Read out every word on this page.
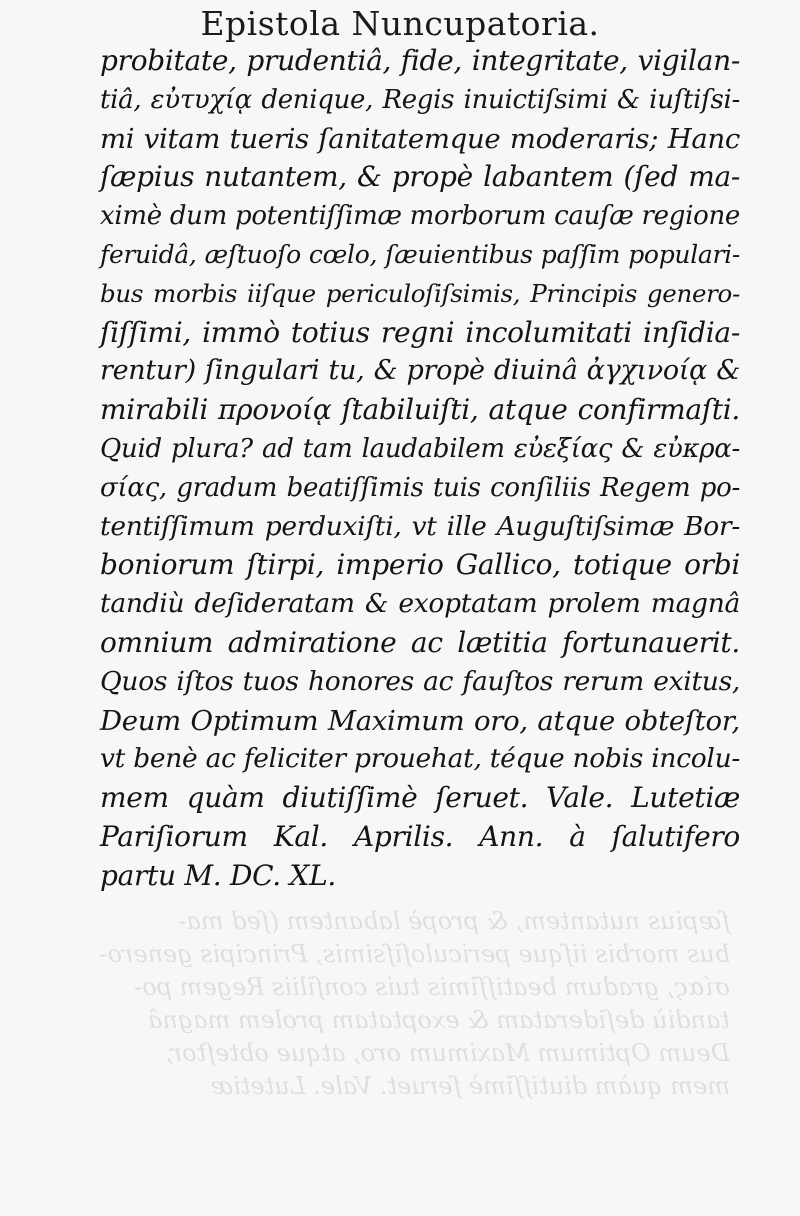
Epistola Nuncupatoria.
probitate, prudentiâ, fide, integritate, vigilan-
tiâ, εὐτυχίᾳ denique, Regis inuictiſsimi & iuſtiſsi-
mi vitam tueris ſanitatemque moderaris; Hanc
ſæpius nutantem, & propè labantem (ſed ma-
ximè dum potentiſſimæ morborum cauſæ regione
feruidâ, æſtuoſo cœlo, ſæuientibus paſſim populari-
bus morbis iiſque periculoſiſsimis, Principis genero-
ſiſſimi, immò totius regni incolumitati inſidia-
rentur) ſingulari tu, & propè diuinâ ἀγχινοίᾳ &
mirabili προνοίᾳ ſtabiluiſti, atque confirmaſti.
Quid plura? ad tam laudabilem εὐεξίας & εὐκρα-
σίας, gradum beatiſſimis tuis conſiliis Regem po-
tentiſſimum perduxiſti, vt ille Auguſtiſsimæ Bor-
boniorum ſtirpi, imperio Gallico, totique orbi
tandiù deſideratam & exoptatam prolem magnâ
omnium admiratione ac lætitia fortunauerit.
Quos iſtos tuos honores ac fauſtos rerum exitus,
Deum Optimum Maximum oro, atque obteſtor,
vt benè ac feliciter prouehat, téque nobis incolu-
mem quàm diutiſſimè ſeruet. Vale. Lutetiæ
Pariſiorum Kal. Aprilis. Ann. à ſalutifero
partu M. DC. XL.
ſæpius nutantem, & propè labantem (ſed ma-
bus morbis iiſque periculoſiſsimis, Principis genero-
σίας, gradum beatiſſimis tuis conſiliis Regem po-
tandiù deſideratam & exoptatam prolem magnâ
Deum Optimum Maximum oro, atque obteſtor,
mem quàm diutiſſimè ſeruet. Vale. Lutetiæ
